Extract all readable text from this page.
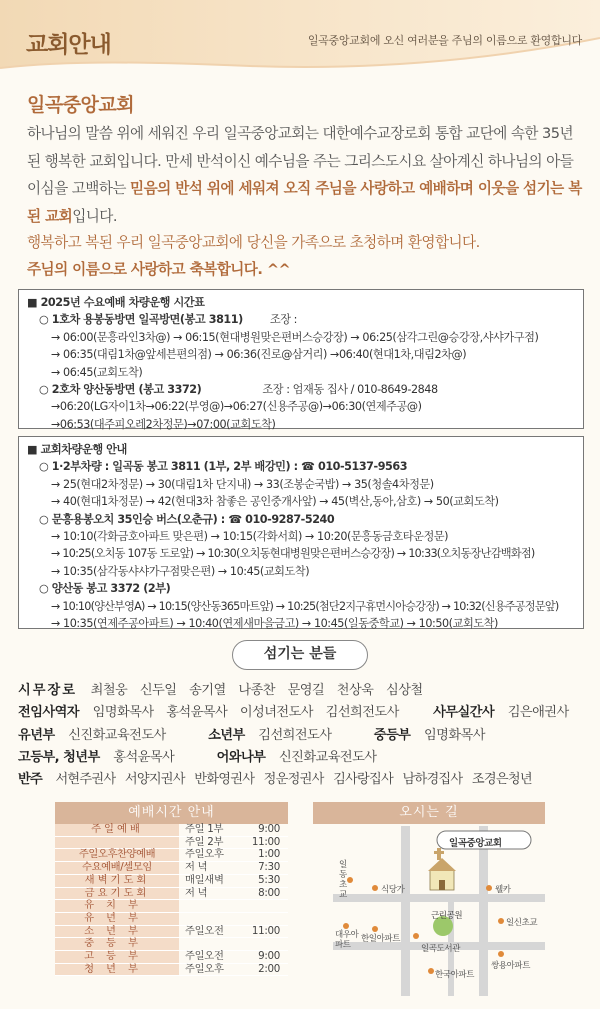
교회안내	일곡중앙교회에 오신 여러분을 주님의 이름으로 환영합니다
일곡중앙교회
하나님의 말씀 위에 세워진 우리 일곡중앙교회는 대한예수교장로회 통합 교단에 속한 35년 된 행복한 교회입니다. 만세 반석이신 예수님을 주는 그리스도시요 살아계신 하나님의 아들이심을 고백하는 믿음의 반석 위에 세워져 오직 주님을 사랑하고 예배하며 이웃을 섬기는 복된 교회입니다.
행복하고 복된 우리 일곡중앙교회에 당신을 가족으로 초청하며 환영합니다.
주님의 이름으로 사랑하고 축복합니다. ^^
■ 2025년 수요예배 차량운행 시간표
○ 1호차 용봉동방면 일곡방면(봉고 3811) 조장 :
→ 06:00(문흥라인3차@) → 06:15(현대병원맞은편버스승강장) → 06:25(삼각그린@승강장,샤샤가구점)
→ 06:35(대림1차@앞세븐편의점) → 06:36(진로@삼거리) →06:40(현대1차,대림2차@)
→ 06:45(교회도착)
○ 2호차 양산동방면 (봉고 3372)	조장 : 엄재동 집사 / 010-8649-2848
→06:20(LG자이1차→06:22(부영@)→06:27(신용주공@)→06:30(연제주공@)
→06:53(대주피오레2차정문)→07:00(교회도착)
■ 교회차량운행 안내
○ 1·2부차량 : 일곡동 봉고 3811 (1부, 2부 배강민) : ☎ 010-5137-9563
→ 25(현대2차정문) → 30(대림1차 단지내) → 33(조봉순국밥) → 35(청솔4차정문)
→ 40(현대1차정문) → 42(현대3차 참좋은 공인중개사앞) → 45(벽산,동아,삼호) → 50(교회도착)
○ 문흥용봉오치 35인승 버스(오춘규) : ☎ 010-9287-5240
→ 10:10(각화금호아파트 맞은편) → 10:15(각화서희) → 10:20(문흥동금호타운정문)
→ 10:25(오치동 107동 도로앞) → 10:30(오치동현대병원맞은편버스승강장) → 10:33(오치동장난감백화점)
→ 10:35(삼각동샤샤가구점맞은편) → 10:45(교회도착)
○ 양산동 봉고 3372 (2부)
→ 10:10(양산부영A) → 10:15(양산동365마트앞) → 10:25(첨단2지구휴먼시아승강장) → 10:32(신용주공정문앞)
→ 10:35(연제주공아파트) → 10:40(연제새마을금고) → 10:45(일동중학교) → 10:50(교회도착)
섬기는 분들
시무장로 최철웅 신두일 송기열 나종찬 문영길 천상욱 심상철
전임사역자 임명화목사 홍석윤목사 이성녀전도사 김선희전도사	사무실간사 김은애권사
유년부 신진화교육전도사	소년부 김선희전도사	중등부 임명화목사
고등부, 청년부 홍석윤목사	어와나부 신진화교육전도사
반주 서현주권사 서양지권사 반화영권사 정운정권사 김사랑집사 남하경집사 조경은청년
예배시간 안내
주일예배	주일 1부	9:00
	주일 2부	11:00
주일오후찬양예배	주일오후	1:00
수요예배/셀모임	저 녁	7:30
새벽기도회	매일새벽	5:30
금요기도회	저 녁	8:00
유치부		
유년부		
소년부	주일오전	11:00
중등부		
고등부	주일오전	9:00
청년부	주일오후	2:00
오시는 길
일곡중앙교회
일동초교	식당가	웰카
근린공원
일신초교
대우아파트
한일아파트
일곡도서관
한국아파트
쌍용아파트
